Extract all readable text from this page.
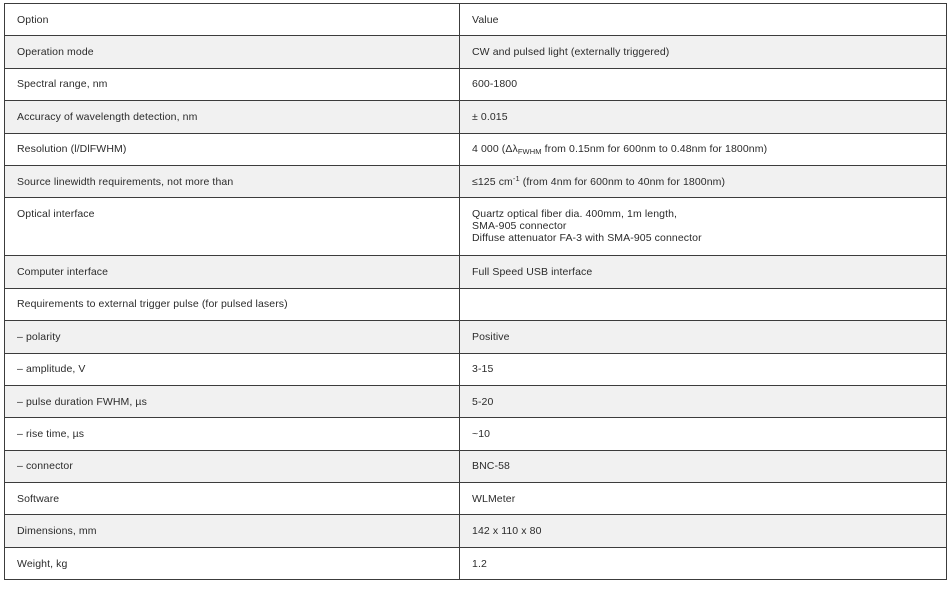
Option	Value
Operation mode	CW and pulsed light (externally triggered)
Spectral range, nm	600-1800
Accuracy of wavelength detection, nm	± 0.015
Resolution (l/DlFWHM)	4 000 ($\Delta\lambda_{FWHM}$ from 0.15nm for 600nm to 0.48nm for 1800nm)
Source linewidth requirements, not more than	≤125 $cm^{-1}$ (from 4nm for 600nm to 40nm for 1800nm)
Optical interface	Quartz optical fiber dia. 400mm, 1m length,
SMA-905 connector
Diffuse attenuator FA-3 with SMA-905 connector

Computer interface	Full Speed USB interface
Requirements to external trigger pulse (for pulsed lasers)	
– polarity	Positive
– amplitude, V	3-15
– pulse duration FWHM, µs	5-20
– rise time, µs	~10
– connector	BNC-58
Software	WLMeter
Dimensions, mm	142 x 110 x 80
Weight, kg	1.2
